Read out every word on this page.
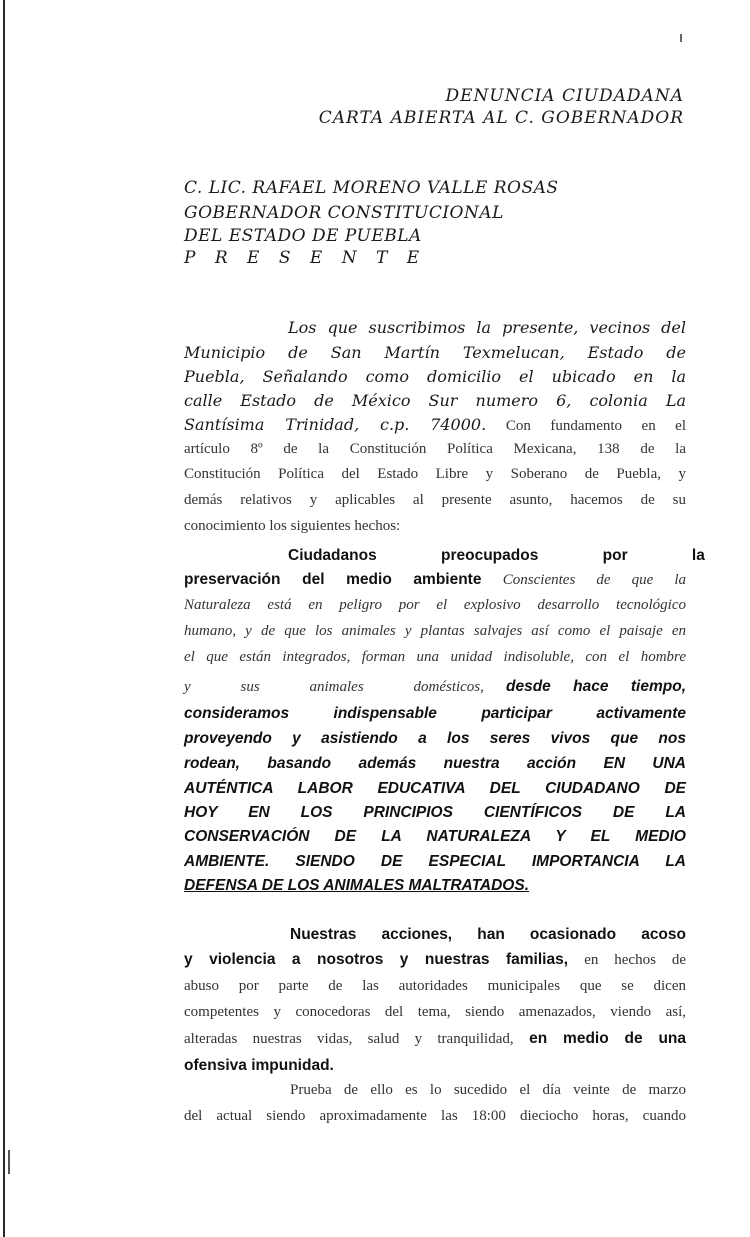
DENUNCIA CIUDADANA

CARTA ABIERTA AL C. GOBERNADOR

C. LIC. RAFAEL MORENO VALLE ROSAS

GOBERNADOR CONSTITUCIONAL

DEL ESTADO DE PUEBLA

P R E S E N T E

Los que suscribimos la presente, vecinos del

Municipio de San Martín Texmelucan, Estado de

Puebla, Señalando como domicilio el ubicado en la

calle Estado de México Sur numero 6, colonia La

Santísima Trinidad, c.p. 74000. Con fundamento en el

artículo 8º de la Constitución Política Mexicana, 138 de la

Constitución Política del Estado Libre y Soberano de Puebla, y

demás relativos y aplicables al presente asunto, hacemos de su

conocimiento los siguientes hechos:

Ciudadanos preocupados por la

preservación del medio ambiente Conscientes de que la

Naturaleza está en peligro por el explosivo desarrollo tecnológico

humano, y de que los animales y plantas salvajes así como el paisaje en

el que están integrados, forman una unidad indisoluble, con el hombre

y sus animales domésticos, desde hace tiempo,

consideramos indispensable participar activamente

proveyendo y asistiendo a los seres vivos que nos

rodean, basando además nuestra acción EN UNA

AUTÉNTICA LABOR EDUCATIVA DEL CIUDADANO DE

HOY EN LOS PRINCIPIOS CIENTÍFICOS DE LA

CONSERVACIÓN DE LA NATURALEZA Y EL MEDIO

AMBIENTE. SIENDO DE ESPECIAL IMPORTANCIA LA

DEFENSA DE LOS ANIMALES MALTRATADOS.

Nuestras acciones, han ocasionado acoso

y violencia a nosotros y nuestras familias, en hechos de

abuso por parte de las autoridades municipales que se dicen

competentes y conocedoras del tema, siendo amenazados, viendo así,

alteradas nuestras vidas, salud y tranquilidad, en medio de una

ofensiva impunidad.

Prueba de ello es lo sucedido el día veinte de marzo

del actual siendo aproximadamente las 18:00 dieciocho horas, cuando
